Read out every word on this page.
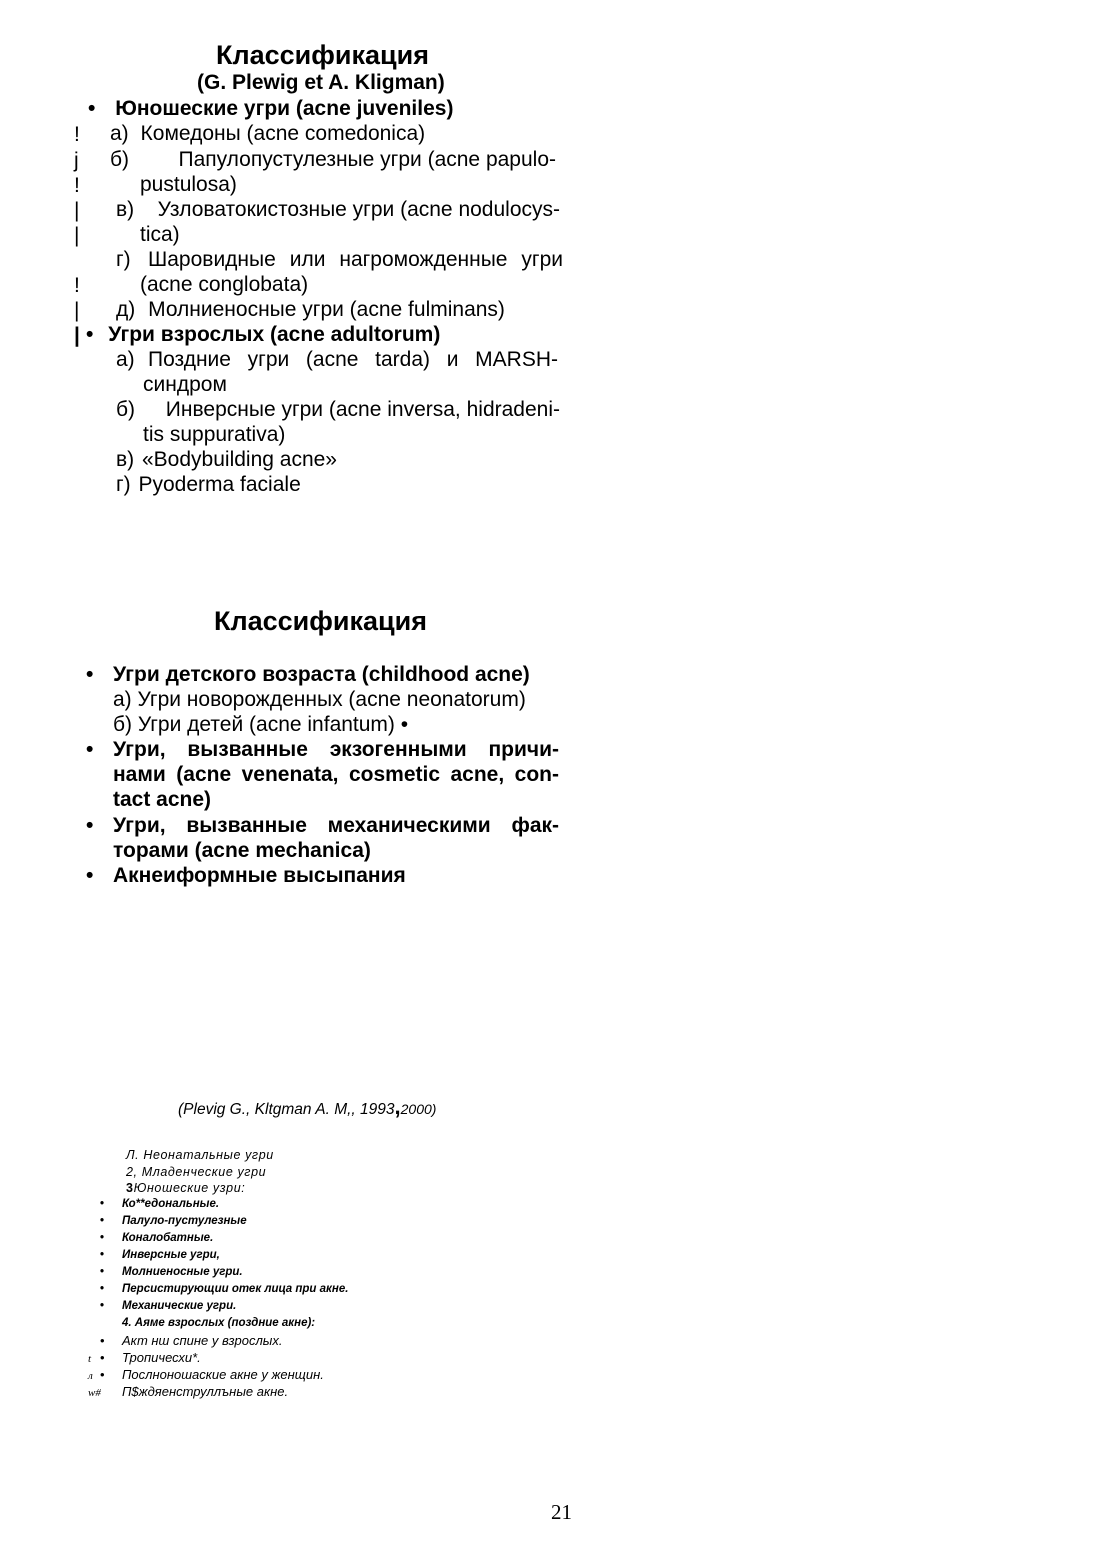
Классификация
(G. Plewig et A. Kligman)
• Юношеские угри (acne juveniles)
!
j
!
|
|
!
|
|
а) Комедоны (acne comedonica)
б) Папулопустулезные угри (acne papulo-
pustulosa)
в) Узловатокистозные угри (acne nodulocys-
tica)
г) Шаровидные или нагроможденные угри
(acne conglobata)
д) Молниеносные угри (acne fulminans)
• Угри взрослых (acne adultorum)
а) Поздние угри (acne tarda) и MARSH-
синдром
б) Инверсные угри (acne inversa, hidradeni-
tis suppurativa)
в) «Bodybuilding acne»
г) Pyoderma faciale
Классификация
• Угри детского возраста (childhood acne)
а) Угри новорожденных (acne neonatorum)
б) Угри детей (acne infantum) •
• Угри, вызванные экзогенными причи-
нами (acne venenata, cosmetic acne, con-
tact acne)
• Угри, вызванные механическими фак-
торами (acne mechanica)
• Акнеиформные высыпания
(Plevig G., Kltgman A. M,, 1993,2000)
Л. Неонатальные угри
2, Младенческие угри
3Юношеские узри:
• Ко**едональные.
• Палуло-пустулезные
• Коналобатные.
• Инверсные угри,
• Молниеносные угри.
• Персистирующии отек лица при акне.
• Механические угри.
4. Аяме взрослых (поздние акне):
• Акт нш спине у взрослых.
t • Тропичесхи*.
л • Послноношаские акне у женщин.
w# П$ждяенструллъные акне.
21
